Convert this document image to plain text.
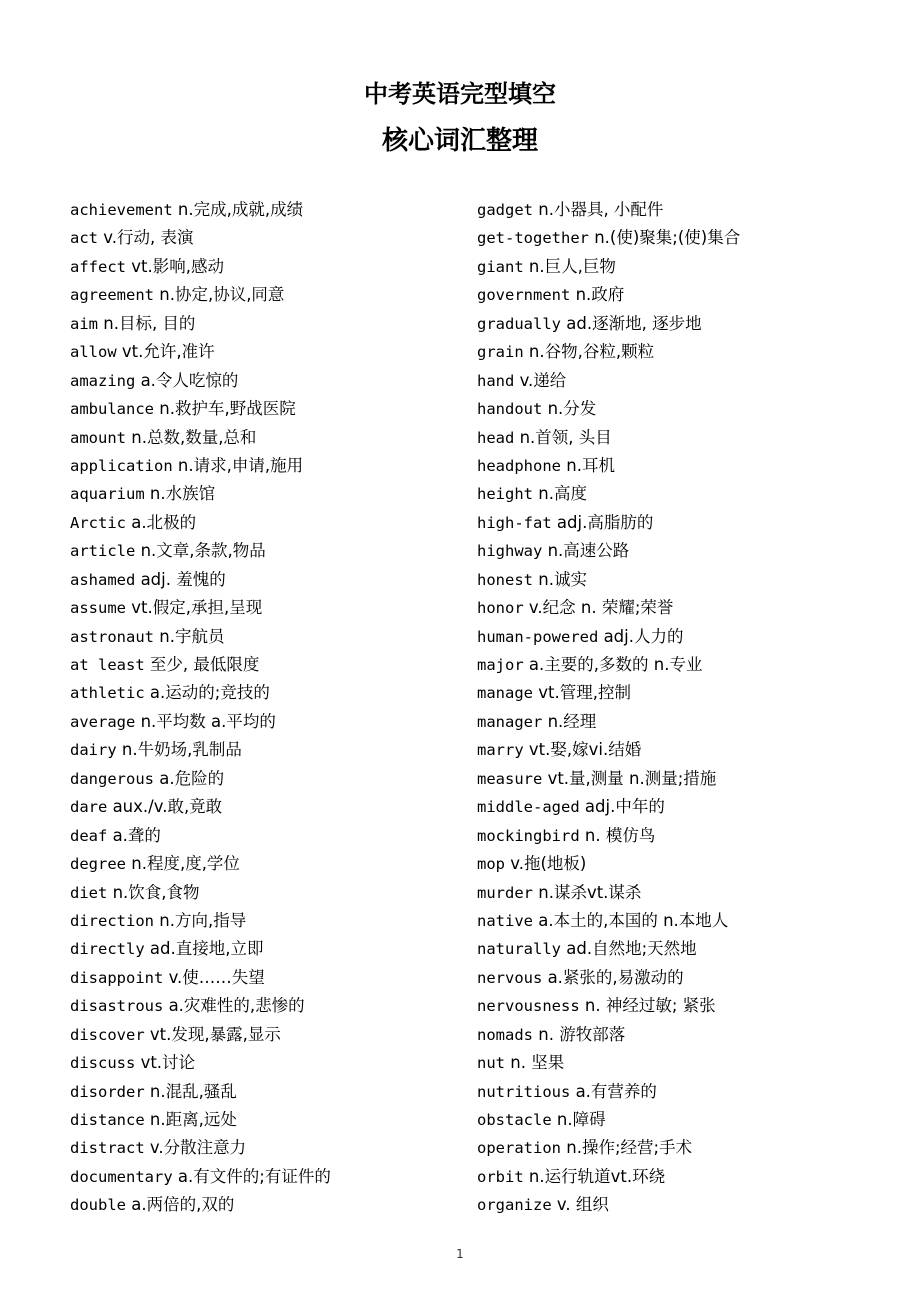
中考英语完型填空
核心词汇整理
achievement n.完成,成就,成绩
act v.行动, 表演
affect vt.影响,感动
agreement n.协定,协议,同意
aim n.目标, 目的
allow vt.允许,准许
amazing a.令人吃惊的
ambulance n.救护车,野战医院
amount n.总数,数量,总和
application n.请求,申请,施用
aquarium n.水族馆
Arctic a.北极的
article n.文章,条款,物品
ashamed adj. 羞愧的
assume vt.假定,承担,呈现
astronaut n.宇航员
at least 至少, 最低限度
athletic a.运动的;竞技的
average n.平均数 a.平均的
dairy n.牛奶场,乳制品
dangerous a.危险的
dare aux./v.敢,竟敢
deaf a.聋的
degree n.程度,度,学位
diet n.饮食,食物
direction n.方向,指导
directly ad.直接地,立即
disappoint v.使……失望
disastrous a.灾难性的,悲惨的
discover vt.发现,暴露,显示
discuss vt.讨论
disorder n.混乱,骚乱
distance n.距离,远处
distract v.分散注意力
documentary a.有文件的;有证件的
double a.两倍的,双的
gadget n.小器具, 小配件
get-together n.(使)聚集;(使)集合
giant n.巨人,巨物
government n.政府
gradually ad.逐渐地, 逐步地
grain n.谷物,谷粒,颗粒
hand v.递给
handout n.分发
head n.首领, 头目
headphone n.耳机
height n.高度
high-fat adj.高脂肪的
highway n.高速公路
honest n.诚实
honor v.纪念 n. 荣耀;荣誉
human-powered adj.人力的
major a.主要的,多数的 n.专业
manage vt.管理,控制
manager n.经理
marry vt.娶,嫁vi.结婚
measure vt.量,测量 n.测量;措施
middle-aged adj.中年的
mockingbird n. 模仿鸟
mop v.拖(地板)
murder n.谋杀vt.谋杀
native a.本土的,本国的 n.本地人
naturally ad.自然地;天然地
nervous a.紧张的,易激动的
nervousness n. 神经过敏; 紧张
nomads n. 游牧部落
nut n. 坚果
nutritious a.有营养的
obstacle n.障碍
operation n.操作;经营;手术
orbit n.运行轨道vt.环绕
organize v. 组织
1
